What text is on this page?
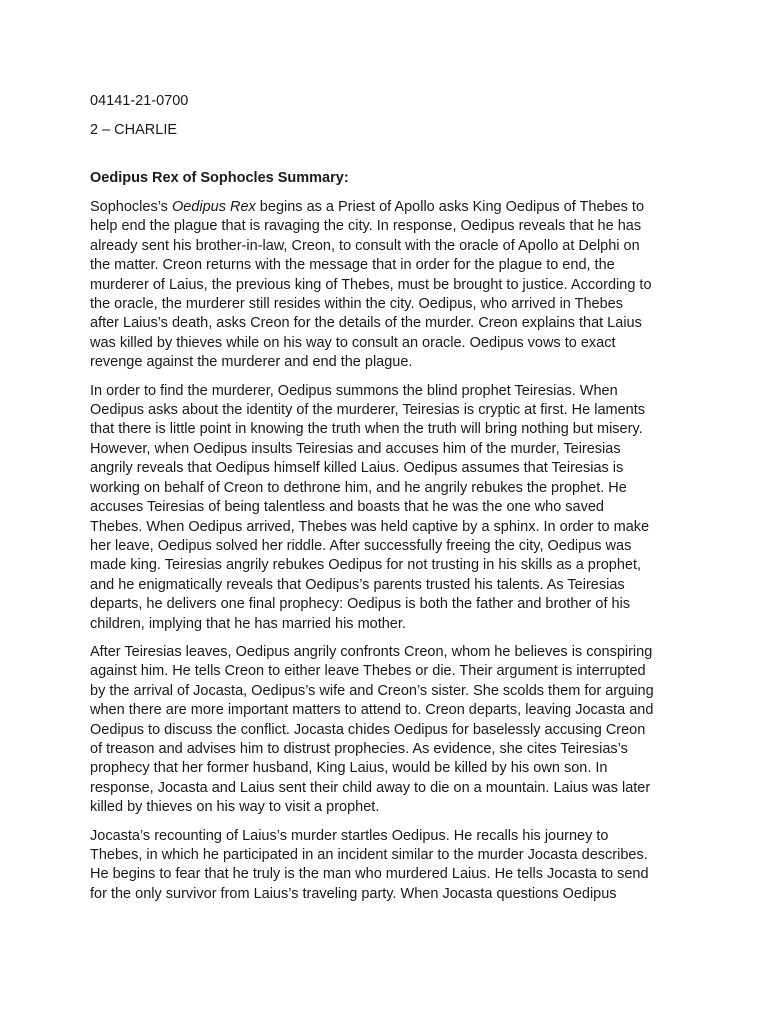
04141-21-0700
2 – CHARLIE
Oedipus Rex of Sophocles Summary:
Sophocles’s Oedipus Rex begins as a Priest of Apollo asks King Oedipus of Thebes to
help end the plague that is ravaging the city. In response, Oedipus reveals that he has
already sent his brother-in-law, Creon, to consult with the oracle of Apollo at Delphi on
the matter. Creon returns with the message that in order for the plague to end, the
murderer of Laius, the previous king of Thebes, must be brought to justice. According to
the oracle, the murderer still resides within the city. Oedipus, who arrived in Thebes
after Laius’s death, asks Creon for the details of the murder. Creon explains that Laius
was killed by thieves while on his way to consult an oracle. Oedipus vows to exact
revenge against the murderer and end the plague.
In order to find the murderer, Oedipus summons the blind prophet Teiresias. When
Oedipus asks about the identity of the murderer, Teiresias is cryptic at first. He laments
that there is little point in knowing the truth when the truth will bring nothing but misery.
However, when Oedipus insults Teiresias and accuses him of the murder, Teiresias
angrily reveals that Oedipus himself killed Laius. Oedipus assumes that Teiresias is
working on behalf of Creon to dethrone him, and he angrily rebukes the prophet. He
accuses Teiresias of being talentless and boasts that he was the one who saved
Thebes. When Oedipus arrived, Thebes was held captive by a sphinx. In order to make
her leave, Oedipus solved her riddle. After successfully freeing the city, Oedipus was
made king. Teiresias angrily rebukes Oedipus for not trusting in his skills as a prophet,
and he enigmatically reveals that Oedipus’s parents trusted his talents. As Teiresias
departs, he delivers one final prophecy: Oedipus is both the father and brother of his
children, implying that he has married his mother.
After Teiresias leaves, Oedipus angrily confronts Creon, whom he believes is conspiring
against him. He tells Creon to either leave Thebes or die. Their argument is interrupted
by the arrival of Jocasta, Oedipus’s wife and Creon’s sister. She scolds them for arguing
when there are more important matters to attend to. Creon departs, leaving Jocasta and
Oedipus to discuss the conflict. Jocasta chides Oedipus for baselessly accusing Creon
of treason and advises him to distrust prophecies. As evidence, she cites Teiresias’s
prophecy that her former husband, King Laius, would be killed by his own son. In
response, Jocasta and Laius sent their child away to die on a mountain. Laius was later
killed by thieves on his way to visit a prophet.
Jocasta’s recounting of Laius’s murder startles Oedipus. He recalls his journey to
Thebes, in which he participated in an incident similar to the murder Jocasta describes.
He begins to fear that he truly is the man who murdered Laius. He tells Jocasta to send
for the only survivor from Laius’s traveling party. When Jocasta questions Oedipus
